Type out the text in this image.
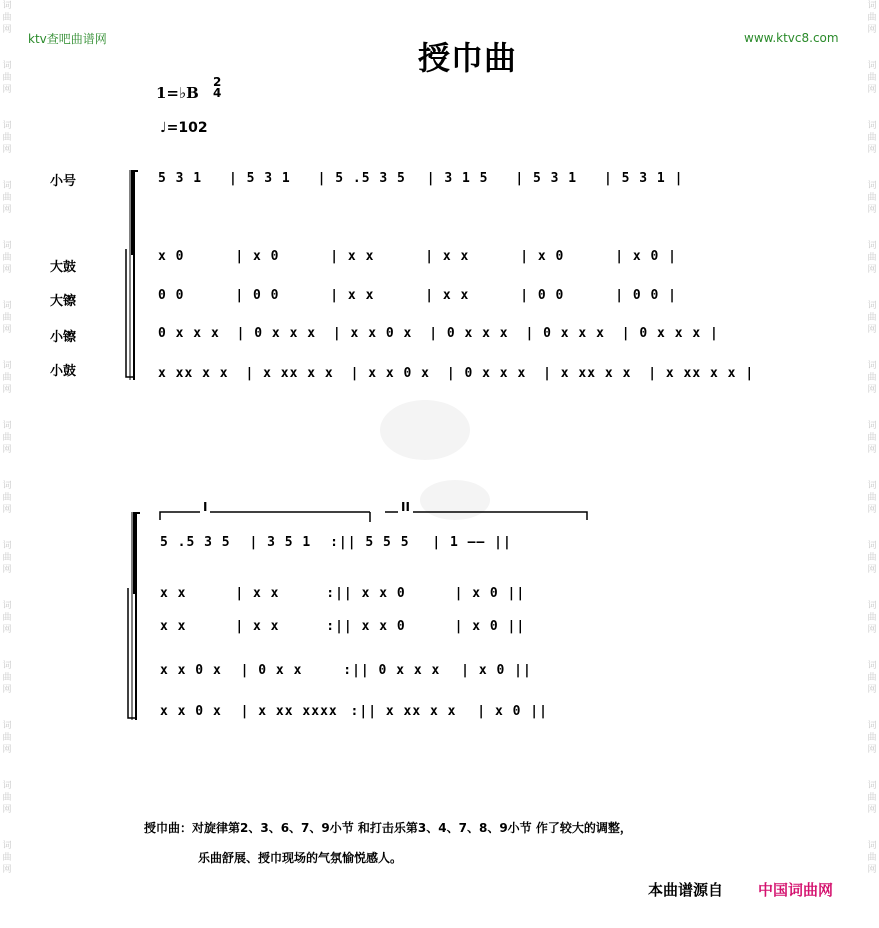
词
曲
网
词
曲
网
词
曲
网
词
曲
网
词
曲
网
词
曲
网
词
曲
网
词
曲
网
词
曲
网
词
曲
网
词
曲
网
词
曲
网
词
曲
网
词
曲
网
词
曲
网
词
曲
网
词
曲
网
词
曲
网
词
曲
网
词
曲
网
词
曲
网
词
曲
网
词
曲
网
词
曲
网
词
曲
网
词
曲
网
词
曲
网
词
曲
网
词
曲
网
词
曲
网
ktv查吧曲谱网	www.ktvc8.com
授巾曲
1=♭B
2
4
♩=102
小号
大鼓
大镲
小镲
小鼓
5 3 1 | 5 3 1 | 5 .5 3 5 | 3 1 5 | 5 3 1 | 5 3 1 |
x 0	| x 0	| x x	| x x	| x 0	| x 0 |
0 0	| 0 0	| x x	| x x	| 0 0	| 0 0 |
0 x x x | 0 x x x | x x 0 x | 0 x x x | 0 x x x | 0 x x x |
x xx x x | x xx x x | x x 0 x | 0 x x x | x xx x x | x xx x x |
I	II
5 .5 3 5 | 3 5 1 :|| 5 5 5 | 1 —— ||
x x	| x x	:|| x x 0	| x 0 ||
x x	| x x	:|| x x 0	| x 0 ||
x x 0 x | 0 x x	:|| 0 x x x | x 0 ||
x x 0 x | x xx xxxx :|| x xx x x | x 0 ||
授巾曲：对旋律第2、3、6、7、9小节 和打击乐第3、4、7、8、9小节 作了较大的调整，
乐曲舒展、授巾现场的气氛愉悦感人。
本曲谱源自 中国词曲网
